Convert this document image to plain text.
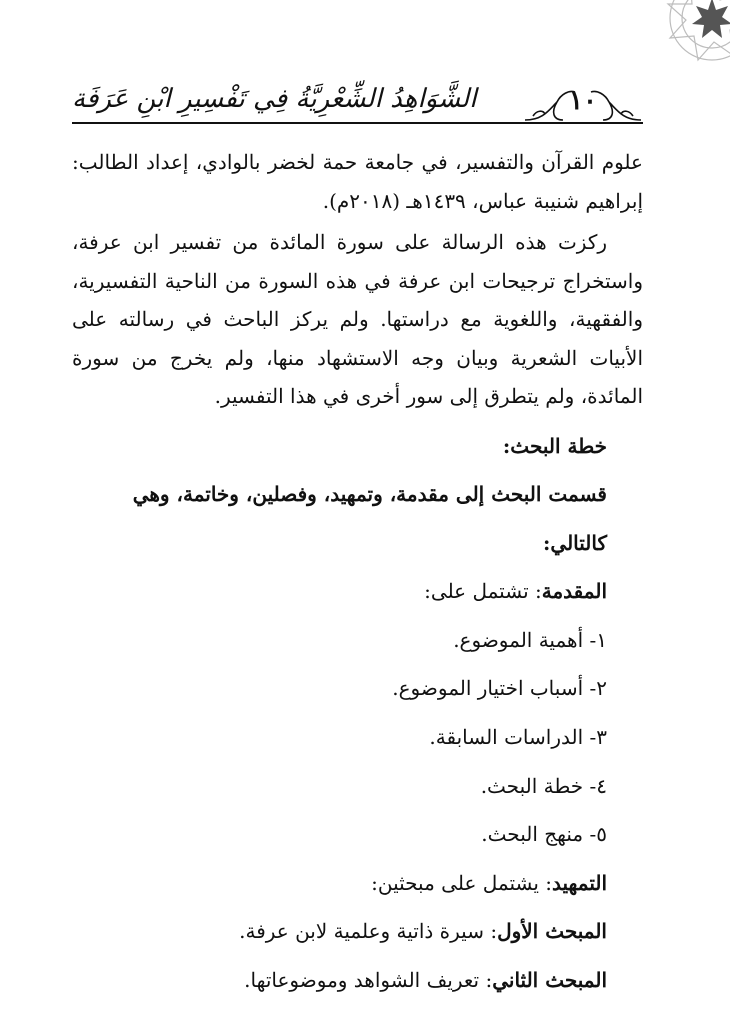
الشَّوَاهِدُ الشِّعْرِيَّةُ فِي تَفْسِيرِ ابْنِ عَرَفَة	١٠

علوم القرآن والتفسير، في جامعة حمة لخضر بالوادي، إعداد الطالب: إبراهيم شنيبة عباس، ١٤٣٩هـ (٢٠١٨م).

ركزت هذه الرسالة على سورة المائدة من تفسير ابن عرفة، واستخراج ترجيحات ابن عرفة في هذه السورة من الناحية التفسيرية، والفقهية، واللغوية مع دراستها. ولم يركز الباحث في رسالته على الأبيات الشعرية وبيان وجه الاستشهاد منها، ولم يخرج من سورة المائدة، ولم يتطرق إلى سور أخرى في هذا التفسير.

خطة البحث:

قسمت البحث إلى مقدمة، وتمهيد، وفصلين، وخاتمة، وهي كالتالي:

المقدمة: تشتمل على:

١- أهمية الموضوع.

٢- أسباب اختيار الموضوع.

٣- الدراسات السابقة.

٤- خطة البحث.

٥- منهج البحث.

التمهيد: يشتمل على مبحثين:

المبحث الأول: سيرة ذاتية وعلمية لابن عرفة.

المبحث الثاني: تعريف الشواهد وموضوعاتها.
